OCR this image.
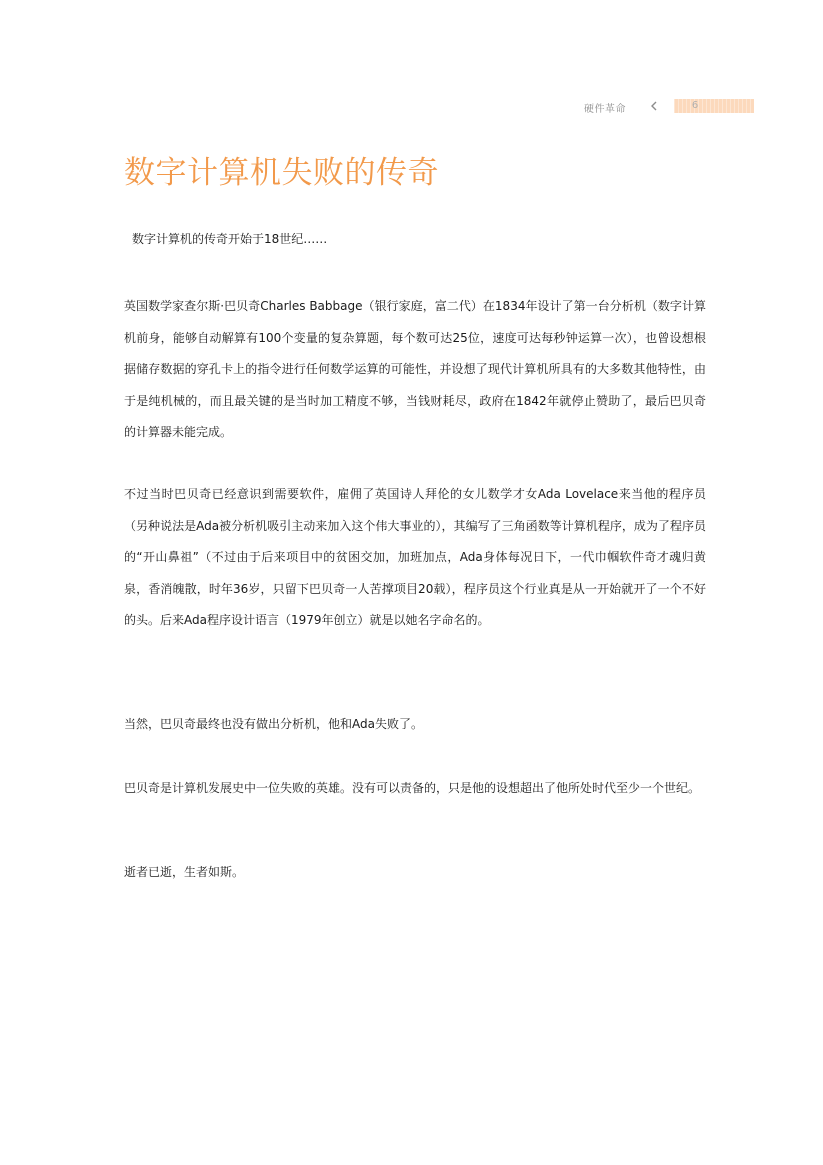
硬件革命	6
数字计算机失败的传奇
数字计算机的传奇开始于18世纪……

英国数学家查尔斯·巴贝奇Charles Babbage（银行家庭，富二代）在1834年设计了第一台分析机（数字计算机前身，能够自动解算有100个变量的复杂算题，每个数可达25位，速度可达每秒钟运算一次），也曾设想根据储存数据的穿孔卡上的指令进行任何数学运算的可能性，并设想了现代计算机所具有的大多数其他特性，由于是纯机械的，而且最关键的是当时加工精度不够，当钱财耗尽，政府在1842年就停止赞助了，最后巴贝奇的计算器未能完成。

不过当时巴贝奇已经意识到需要软件，雇佣了英国诗人拜伦的女儿数学才女Ada Lovelace来当他的程序员（另种说法是Ada被分析机吸引主动来加入这个伟大事业的），其编写了三角函数等计算机程序，成为了程序员的“开山鼻祖”（不过由于后来项目中的贫困交加，加班加点，Ada身体每况日下，一代巾帼软件奇才魂归黄泉，香消魄散，时年36岁，只留下巴贝奇一人苦撑项目20载），程序员这个行业真是从一开始就开了一个不好的头。后来Ada程序设计语言（1979年创立）就是以她名字命名的。

当然，巴贝奇最终也没有做出分析机，他和Ada失败了。

巴贝奇是计算机发展史中一位失败的英雄。没有可以责备的，只是他的设想超出了他所处时代至少一个世纪。

逝者已逝，生者如斯。
